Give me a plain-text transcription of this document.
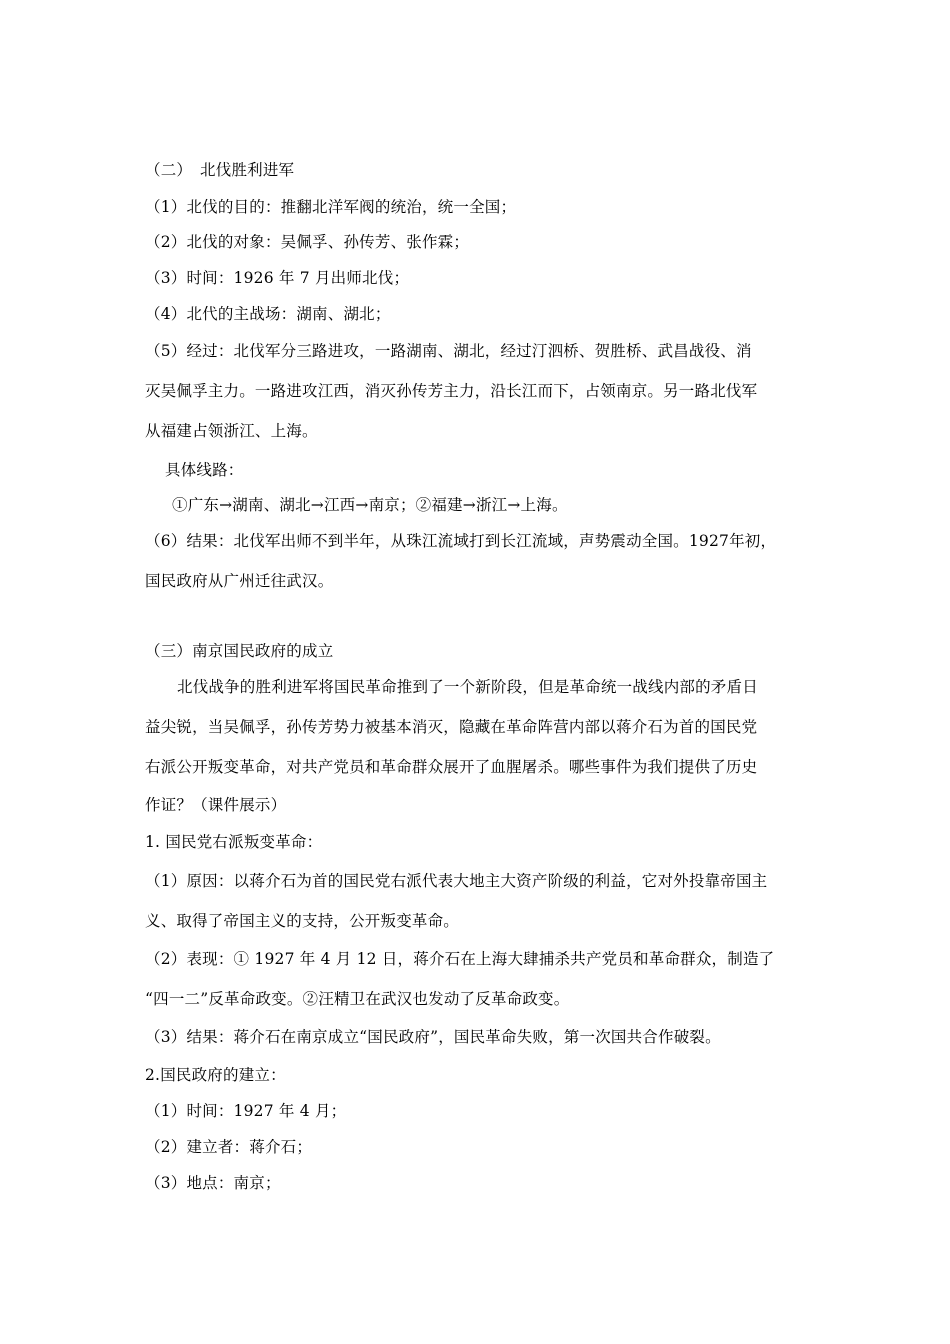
（二）　北伐胜利进军
（1）北伐的目的：推翻北洋军阀的统治，统一全国；
（2）北伐的对象：吴佩孚、孙传芳、张作霖；
（3）时间：1926 年 7 月出师北伐；
（4）北代的主战场：湖南、湖北；
（5）经过：北伐军分三路进攻，一路湖南、湖北，经过汀泗桥、贺胜桥、武昌战役、消
灭吴佩孚主力。一路进攻江西，消灭孙传芳主力，沿长江而下，占领南京。另一路北伐军
从福建占领浙江、上海。
具体线路：
①广东→湖南、湖北→江西→南京；②福建→浙江→上海。
（6）结果：北伐军出师不到半年，从珠江流域打到长江流域，声势震动全国。1927年初，
国民政府从广州迁往武汉。
（三）南京国民政府的成立
北伐战争的胜利进军将国民革命推到了一个新阶段，但是革命统一战线内部的矛盾日
益尖锐，当吴佩孚，孙传芳势力被基本消灭，隐藏在革命阵营内部以蒋介石为首的国民党
右派公开叛变革命，对共产党员和革命群众展开了血腥屠杀。哪些事件为我们提供了历史
作证？（课件展示）
1. 国民党右派叛变革命：
（1）原因：以蒋介石为首的国民党右派代表大地主大资产阶级的利益，它对外投靠帝国主
义、取得了帝国主义的支持，公开叛变革命。
（2）表现：① 1927 年 4 月 12 日，蒋介石在上海大肆捕杀共产党员和革命群众，制造了
“四一二”反革命政变。②汪精卫在武汉也发动了反革命政变。
（3）结果：蒋介石在南京成立“国民政府”，国民革命失败，第一次国共合作破裂。
2.国民政府的建立：
（1）时间：1927 年 4 月；
（2）建立者：蒋介石；
（3）地点：南京；
